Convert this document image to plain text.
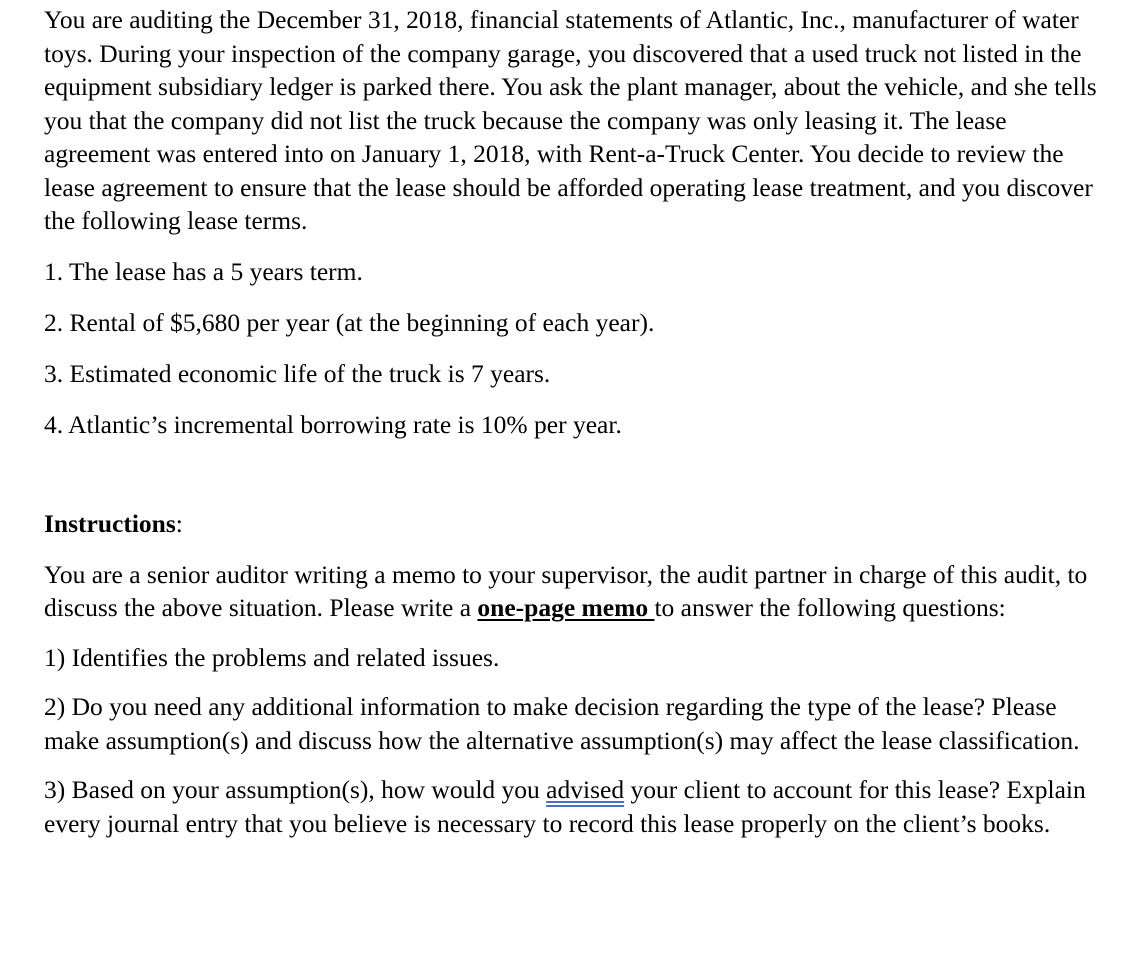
You are auditing the December 31, 2018, financial statements of Atlantic, Inc., manufacturer of water toys. During your inspection of the company garage, you discovered that a used truck not listed in the equipment subsidiary ledger is parked there. You ask the plant manager, about the vehicle, and she tells you that the company did not list the truck because the company was only leasing it. The lease agreement was entered into on January 1, 2018, with Rent-a-Truck Center. You decide to review the lease agreement to ensure that the lease should be afforded operating lease treatment, and you discover the following lease terms.

1. The lease has a 5 years term.

2. Rental of $5,680 per year (at the beginning of each year).

3. Estimated economic life of the truck is 7 years.

4. Atlantic’s incremental borrowing rate is 10% per year.

Instructions:

You are a senior auditor writing a memo to your supervisor, the audit partner in charge of this audit, to discuss the above situation. Please write a one-page memo to answer the following questions:

1) Identifies the problems and related issues.

2) Do you need any additional information to make decision regarding the type of the lease? Please make assumption(s) and discuss how the alternative assumption(s) may affect the lease classification.

3) Based on your assumption(s), how would you advised your client to account for this lease? Explain every journal entry that you believe is necessary to record this lease properly on the client’s books.
